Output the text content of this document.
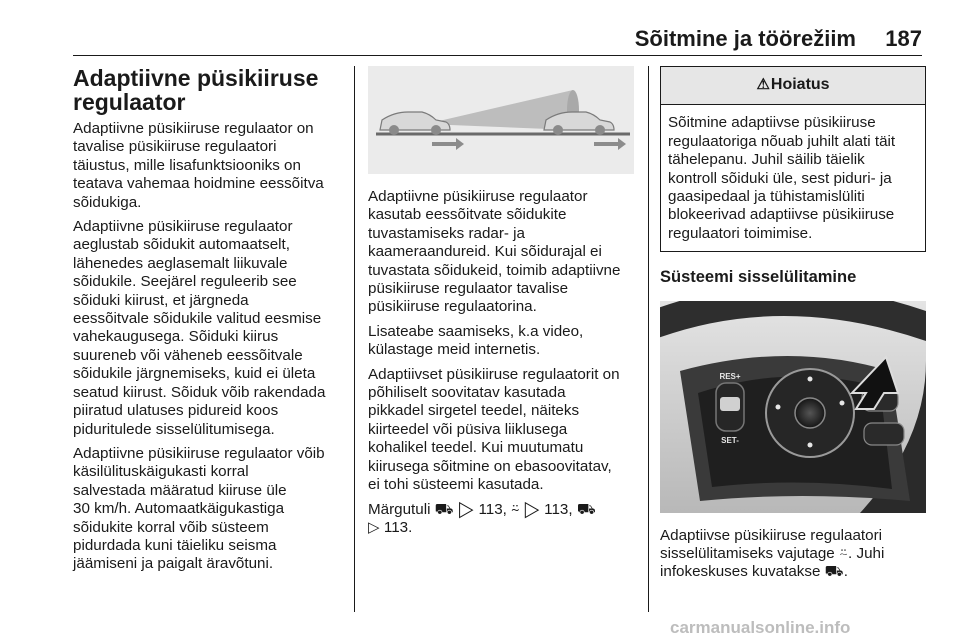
Sõitmine ja töörežiim 187
Adaptiivne püsikiiruse
regulaator
Adaptiivne püsikiiruse regulaator on
tavalise püsikiiruse regulaatori
täiustus, mille lisafunktsiooniks on
teatava vahemaa hoidmine eessõitva
sõidukiga.
Adaptiivne püsikiiruse regulaator
aeglustab sõidukit automaatselt,
lähenedes aeglasemalt liikuvale
sõidukile. Seejärel reguleerib see
sõiduki kiirust, et järgneda
eessõitvale sõidukile valitud eesmise
vahekaugusega. Sõiduki kiirus
suureneb või väheneb eessõitvale
sõidukile järgnemiseks, kuid ei ületa
seatud kiirust. Sõiduk võib rakendada
piiratud ulatuses pidureid koos
piduritulede sisselülitumisega.
Adaptiivne püsikiiruse regulaator võib
käsilülituskäigukasti korral
salvestada määratud kiiruse üle
30 km/h. Automaatkäigukastiga
sõidukite korral võib süsteem
pidurdada kuni täieliku seisma
jäämiseni ja paigalt äravõtuni.
Adaptiivne püsikiiruse regulaator
kasutab eessõitvate sõidukite
tuvastamiseks radar- ja
kaameraandureid. Kui sõidurajal ei
tuvastata sõidukeid, toimib adaptiivne
püsikiiruse regulaator tavalise
püsikiiruse regulaatorina.
Lisateabe saamiseks, k.a video,
külastage meid internetis.
Adaptiivset püsikiiruse regulaatorit on
põhiliselt soovitatav kasutada
pikkadel sirgetel teedel, näiteks
kiirteedel või püsiva liiklusega
kohalikel teedel. Kui muutumatu
kiirusega sõitmine on ebasoovitatav,
ei tohi süsteemi kasutada.
Märgutuli ⛟ ▷ 113, ⍨ ▷ 113, ⛟
▷ 113.
⚠Hoiatus
Sõitmine adaptiivse püsikiiruse
regulaatoriga nõuab juhilt alati täit
tähelepanu. Juhil säilib täielik
kontroll sõiduki üle, sest piduri- ja
gaasipedaal ja tühistamislüliti
blokeerivad adaptiivse püsikiiruse
regulaatori toimimise.
Süsteemi sisselülitamine
RES+
SET-
Adaptiivse püsikiiruse regulaatori
sisselülitamiseks vajutage ⍨. Juhi
infokeskuses kuvatakse ⛟.
carmanualsonline.info
